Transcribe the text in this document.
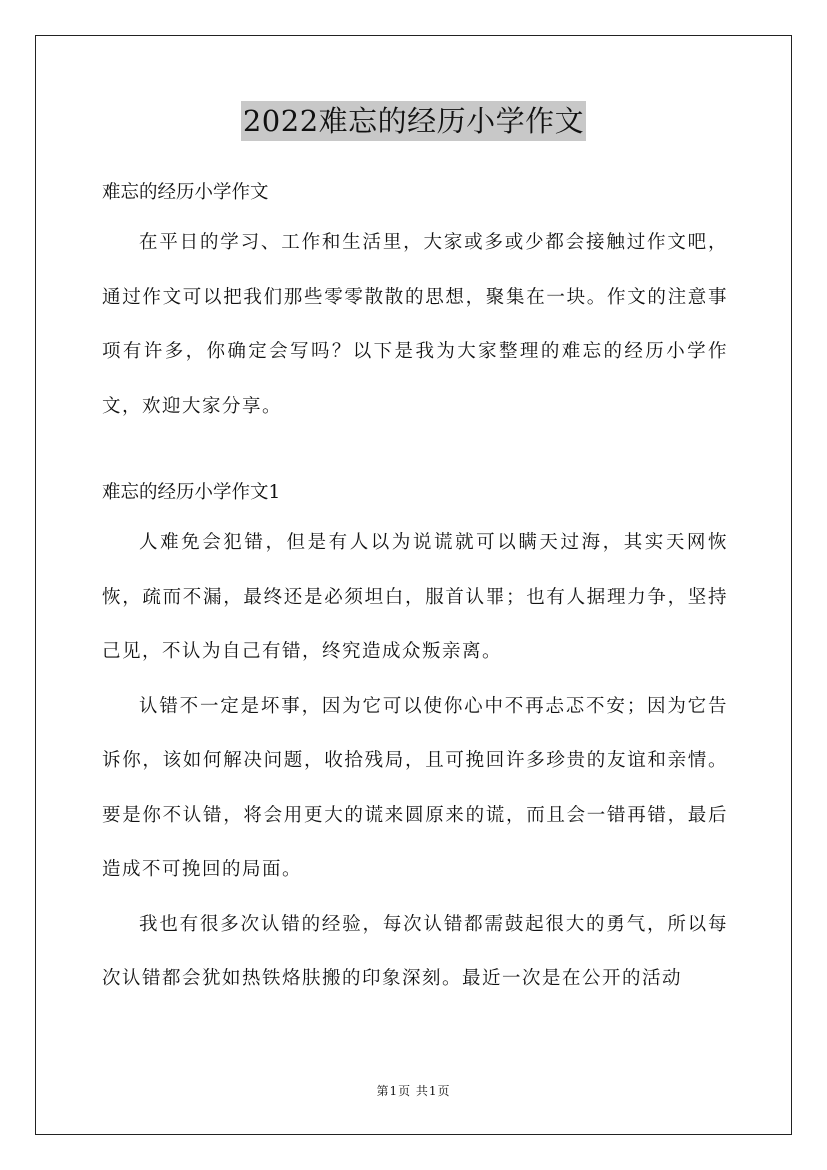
2022难忘的经历小学作文

难忘的经历小学作文

在平日的学习、工作和生活里，大家或多或少都会接触过作文吧，通过作文可以把我们那些零零散散的思想，聚集在一块。作文的注意事项有许多，你确定会写吗？以下是我为大家整理的难忘的经历小学作文，欢迎大家分享。

难忘的经历小学作文1

人难免会犯错，但是有人以为说谎就可以瞒天过海，其实天网恢恢，疏而不漏，最终还是必须坦白，服首认罪；也有人据理力争，坚持己见，不认为自己有错，终究造成众叛亲离。

认错不一定是坏事，因为它可以使你心中不再忐忑不安；因为它告诉你，该如何解决问题，收拾残局，且可挽回许多珍贵的友谊和亲情。要是你不认错，将会用更大的谎来圆原来的谎，而且会一错再错，最后造成不可挽回的局面。

我也有很多次认错的经验，每次认错都需鼓起很大的勇气，所以每次认错都会犹如热铁烙肤搬的印象深刻。最近一次是在公开的活动

第1页 共1页
